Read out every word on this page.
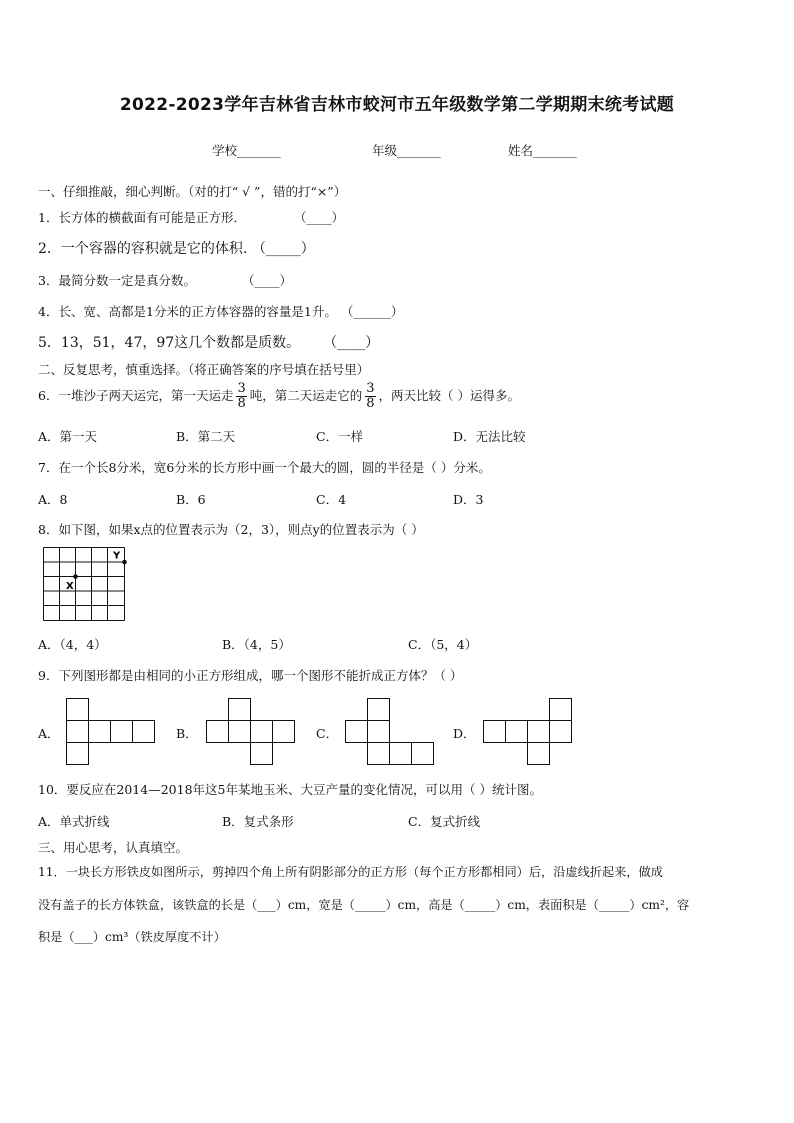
2022-2023学年吉林省吉林市蛟河市五年级数学第二学期期末统考试题
学校_______	年级_______	姓名_______
一、仔细推敲，细心判断。（对的打“ √ ”，错的打“×”）
1．长方体的横截面有可能是正方形．	（____）
2．一个容器的容积就是它的体积. （_____）
3．最简分数一定是真分数。	（____）
4．长、宽、高都是1分米的正方体容器的容量是1升。 （______）
5．13，51，47，97这几个数都是质数。 （____）
二、反复思考，慎重选择。（将正确答案的序号填在括号里）
6．一堆沙子两天运完，第一天运走 $\frac{3}{8}$ 吨，第二天运走它的 $\frac{3}{8}$ ，两天比较（ ）运得多。
A．第一天	B．第二天	C．一样	D．无法比较
7．在一个长8分米，宽6分米的长方形中画一个最大的圆，圆的半径是（ ）分米。
A．8	B．6	C．4	D．3
8．如下图，如果x点的位置表示为（2，3），则点y的位置表示为（ ）
X
Y
A．（4，4）	B．（4，5）	C．（5，4）
9．下列图形都是由相同的小正方形组成，哪一个图形不能折成正方体？（ ）
A．	B．	C．	D．
10．要反应在2014—2018年这5年某地玉米、大豆产量的变化情况，可以用（ ）统计图。
A．单式折线	B．复式条形	C．复式折线
三、用心思考，认真填空。
11．一块长方形铁皮如图所示，剪掉四个角上所有阴影部分的正方形（每个正方形都相同）后，沿虚线折起来，做成
没有盖子的长方体铁盒，该铁盒的长是（___）cm，宽是（_____）cm，高是（_____）cm，表面积是（_____）cm²，容
积是（___）cm³（铁皮厚度不计）
